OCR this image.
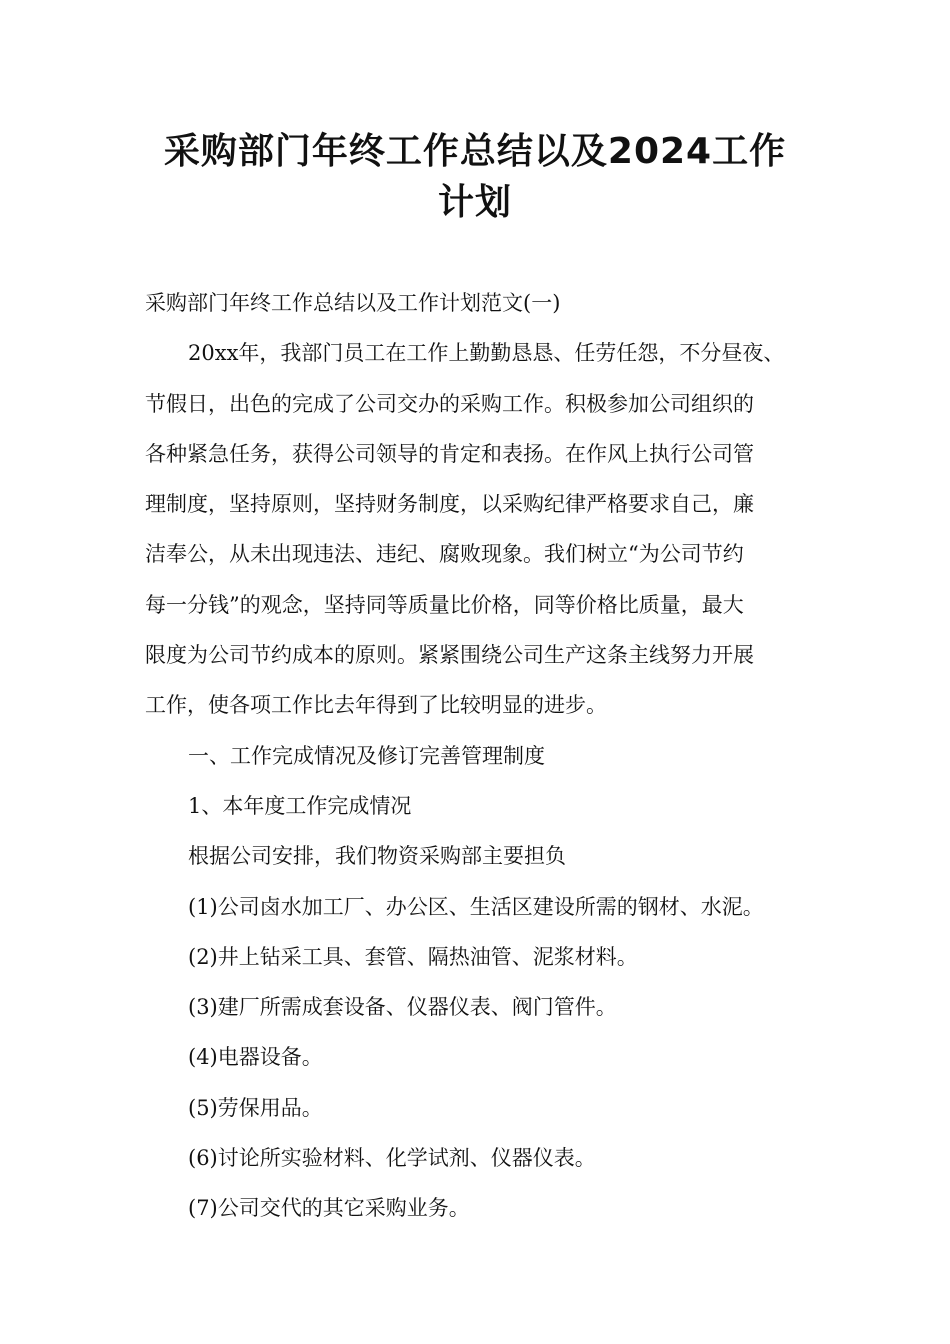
采购部门年终工作总结以及2024工作
计划
采购部门年终工作总结以及工作计划范文(一)
20xx年，我部门员工在工作上勤勤恳恳、任劳任怨，不分昼夜、
节假日，出色的完成了公司交办的采购工作。积极参加公司组织的
各种紧急任务，获得公司领导的肯定和表扬。在作风上执行公司管
理制度，坚持原则，坚持财务制度，以采购纪律严格要求自己，廉
洁奉公，从未出现违法、违纪、腐败现象。我们树立“为公司节约
每一分钱”的观念，坚持同等质量比价格，同等价格比质量，最大
限度为公司节约成本的原则。紧紧围绕公司生产这条主线努力开展
工作，使各项工作比去年得到了比较明显的进步。
一、工作完成情况及修订完善管理制度
1、本年度工作完成情况
根据公司安排，我们物资采购部主要担负
(1)公司卤水加工厂、办公区、生活区建设所需的钢材、水泥。
(2)井上钻采工具、套管、隔热油管、泥浆材料。
(3)建厂所需成套设备、仪器仪表、阀门管件。
(4)电器设备。
(5)劳保用品。
(6)讨论所实验材料、化学试剂、仪器仪表。
(7)公司交代的其它采购业务。
